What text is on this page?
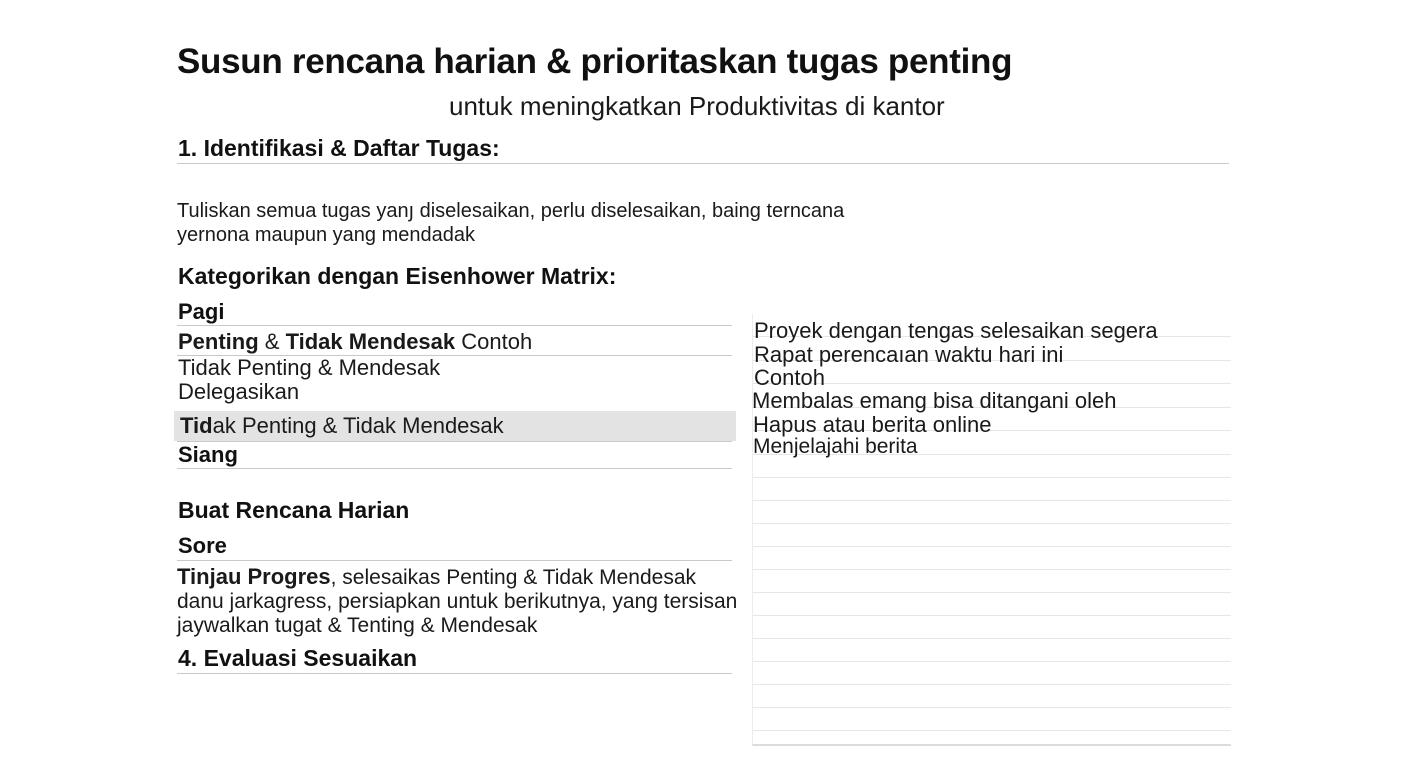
Susun rencana harian & prioritaskan tugas penting
untuk meningkatkan Produktivitas di kantor
1. Identifikasi & Daftar Tugas:
Tuliskan semua tugas yanյ diselesaikan, perlu diselesaikan, baing terncana
yernona maupun yang mendadak
Kategorikan dengan Eisenhower Matrix:
Pagi
Penting & Tidak Mendesak Contoh
Tidak Penting & Mendesak
Delegasikan
Tidak Penting & Tidak Mendesak
Siang
Buat Rencana Harian
Sore
Tinjau Progres, selesaikas Penting & Tidak Mendesak
danu jarkagress, persiapkan untuk berikutnya, yang tersisan
jaywalkan tugat & Tenting & Mendesak
4. Evaluasi Sesuaikan
Proyek dengan tengas selesaikan segera
Rapat perencaıan waktu hari ini
Contoh
Membalas emang bisa ditangani oleh
Hapus atau berita online
Menjelajahi berita
